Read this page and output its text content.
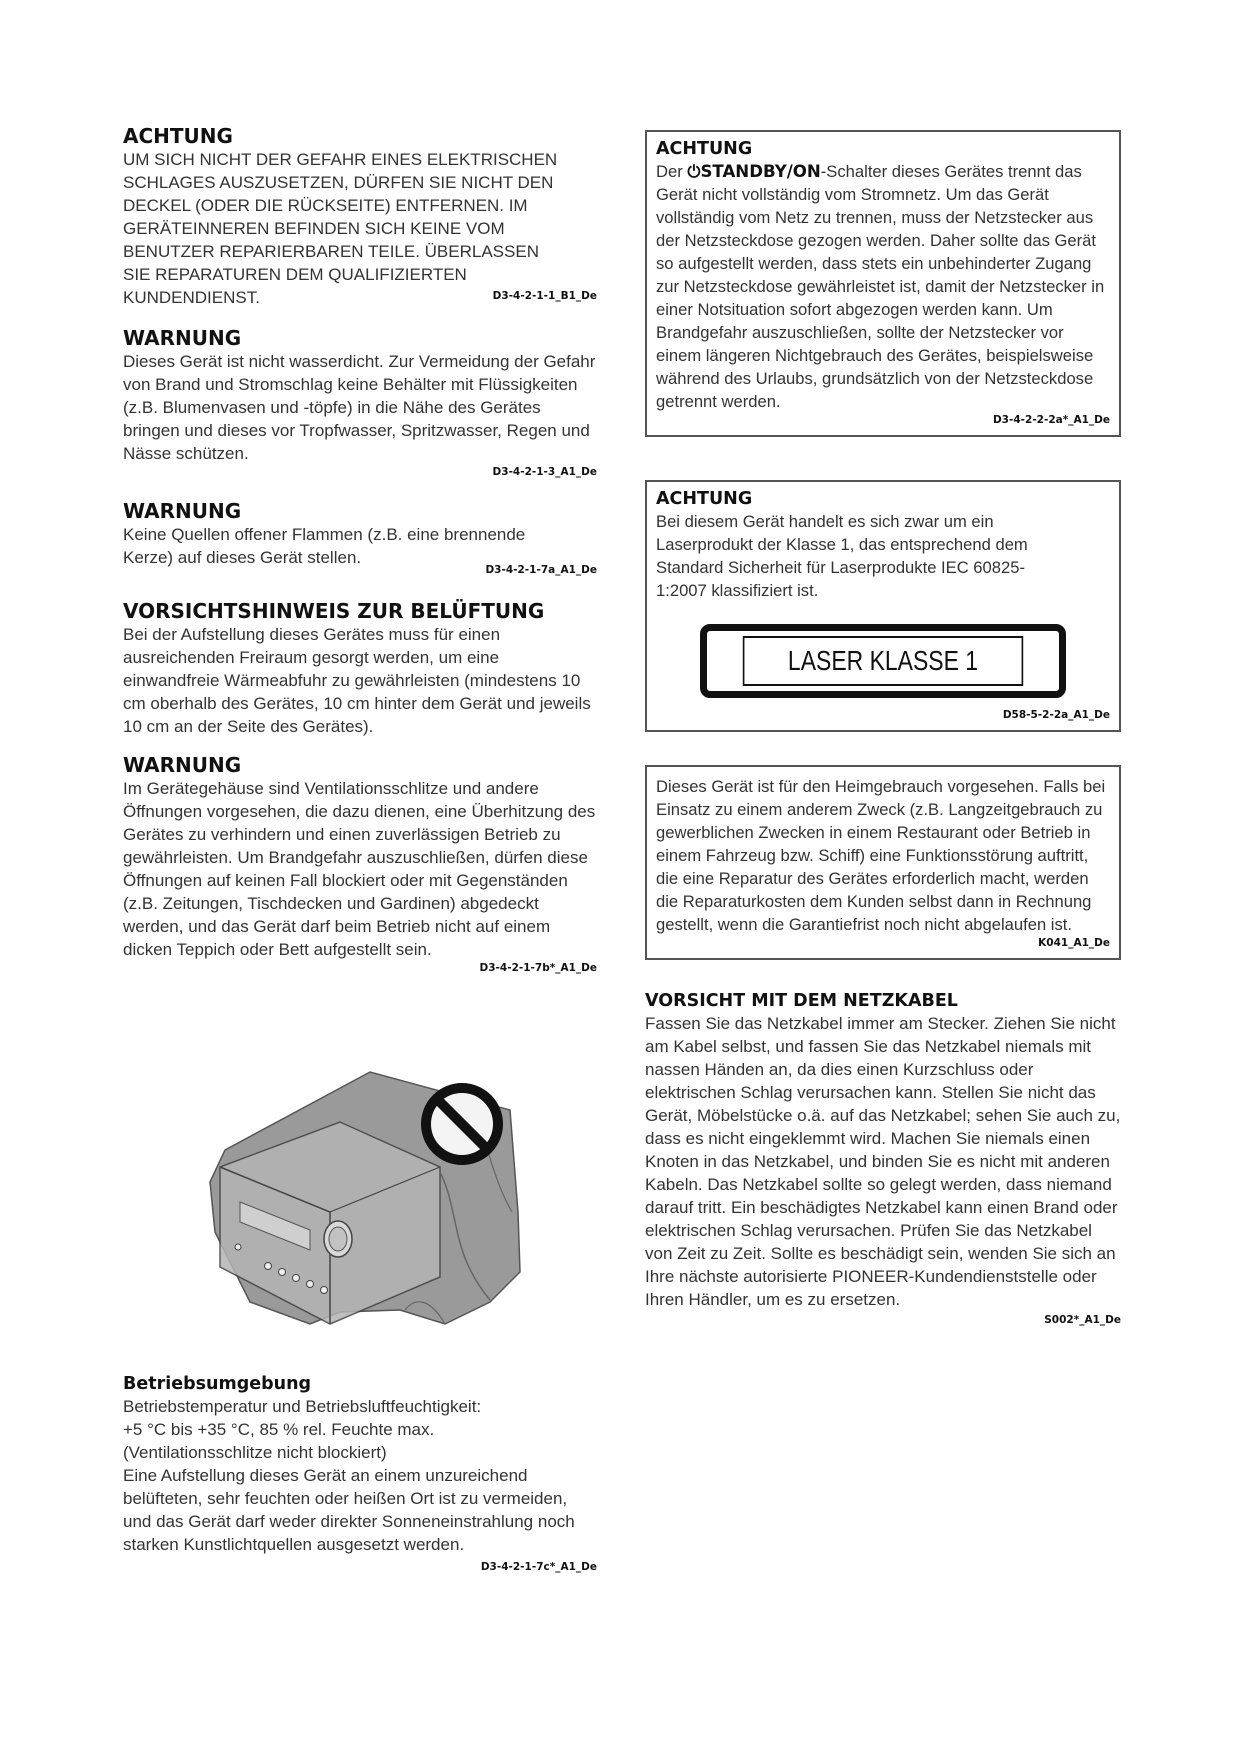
ACHTUNG

UM SICH NICHT DER GEFAHR EINES ELEKTRISCHEN SCHLAGES AUSZUSETZEN, DÜRFEN SIE NICHT DEN DECKEL (ODER DIE RÜCKSEITE) ENTFERNEN. IM GERÄTEINNEREN BEFINDEN SICH KEINE VOM BENUTZER REPARIERBAREN TEILE. ÜBERLASSEN SIE REPARATUREN DEM QUALIFIZIERTEN KUNDENDIENST.	D3-4-2-1-1_B1_De
WARNUNG

Dieses Gerät ist nicht wasserdicht. Zur Vermeidung der Gefahr von Brand und Stromschlag keine Behälter mit Flüssigkeiten (z.B. Blumenvasen und -töpfe) in die Nähe des Gerätes bringen und dieses vor Tropfwasser, Spritzwasser, Regen und Nässe schützen.

D3-4-2-1-3_A1_De
WARNUNG

Keine Quellen offener Flammen (z.B. eine brennende Kerze) auf dieses Gerät stellen.

D3-4-2-1-7a_A1_De
VORSICHTSHINWEIS ZUR BELÜFTUNG

Bei der Aufstellung dieses Gerätes muss für einen ausreichenden Freiraum gesorgt werden, um eine einwandfreie Wärmeabfuhr zu gewährleisten (mindestens 10 cm oberhalb des Gerätes, 10 cm hinter dem Gerät und jeweils 10 cm an der Seite des Gerätes).

WARNUNG

Im Gerätegehäuse sind Ventilationsschlitze und andere Öffnungen vorgesehen, die dazu dienen, eine Überhitzung des Gerätes zu verhindern und einen zuverlässigen Betrieb zu gewährleisten. Um Brandgefahr auszuschließen, dürfen diese Öffnungen auf keinen Fall blockiert oder mit Gegenständen (z.B. Zeitungen, Tischdecken und Gardinen) abgedeckt werden, und das Gerät darf beim Betrieb nicht auf einem dicken Teppich oder Bett aufgestellt sein.

D3-4-2-1-7b*_A1_De
Betriebsumgebung

Betriebstemperatur und Betriebsluftfeuchtigkeit:

+5 °C bis +35 °C, 85 % rel. Feuchte max.

(Ventilationsschlitze nicht blockiert)

Eine Aufstellung dieses Gerät an einem unzureichend belüfteten, sehr feuchten oder heißen Ort ist zu vermeiden, und das Gerät darf weder direkter Sonneneinstrahlung noch starken Kunstlichtquellen ausgesetzt werden.

D3-4-2-1-7c*_A1_De
ACHTUNG

Der ⏻STANDBY/ON-Schalter dieses Gerätes trennt das Gerät nicht vollständig vom Stromnetz. Um das Gerät vollständig vom Netz zu trennen, muss der Netzstecker aus der Netzsteckdose gezogen werden. Daher sollte das Gerät so aufgestellt werden, dass stets ein unbehinderter Zugang zur Netzsteckdose gewährleistet ist, damit der Netzstecker in einer Notsituation sofort abgezogen werden kann. Um Brandgefahr auszuschließen, sollte der Netzstecker vor einem längeren Nichtgebrauch des Gerätes, beispielsweise während des Urlaubs, grundsätzlich von der Netzsteckdose getrennt werden.

D3-4-2-2-2a*_A1_De
ACHTUNG

Bei diesem Gerät handelt es sich zwar um ein Laserprodukt der Klasse 1, das entsprechend dem Standard Sicherheit für Laserprodukte IEC 60825-1:2007 klassifiziert ist.

LASER KLASSE 1
D58-5-2-2a_A1_De

Dieses Gerät ist für den Heimgebrauch vorgesehen. Falls bei Einsatz zu einem anderem Zweck (z.B. Langzeitgebrauch zu gewerblichen Zwecken in einem Restaurant oder Betrieb in einem Fahrzeug bzw. Schiff) eine Funktionsstörung auftritt, die eine Reparatur des Gerätes erforderlich macht, werden die Reparaturkosten dem Kunden selbst dann in Rechnung gestellt, wenn die Garantiefrist noch nicht abgelaufen ist.

K041_A1_De
VORSICHT MIT DEM NETZKABEL

Fassen Sie das Netzkabel immer am Stecker. Ziehen Sie nicht am Kabel selbst, und fassen Sie das Netzkabel niemals mit nassen Händen an, da dies einen Kurzschluss oder elektrischen Schlag verursachen kann. Stellen Sie nicht das Gerät, Möbelstücke o.ä. auf das Netzkabel; sehen Sie auch zu, dass es nicht eingeklemmt wird. Machen Sie niemals einen Knoten in das Netzkabel, und binden Sie es nicht mit anderen Kabeln. Das Netzkabel sollte so gelegt werden, dass niemand darauf tritt. Ein beschädigtes Netzkabel kann einen Brand oder elektrischen Schlag verursachen. Prüfen Sie das Netzkabel von Zeit zu Zeit. Sollte es beschädigt sein, wenden Sie sich an Ihre nächste autorisierte PIONEER-Kundendienststelle oder Ihren Händler, um es zu ersetzen.

S002*_A1_De
